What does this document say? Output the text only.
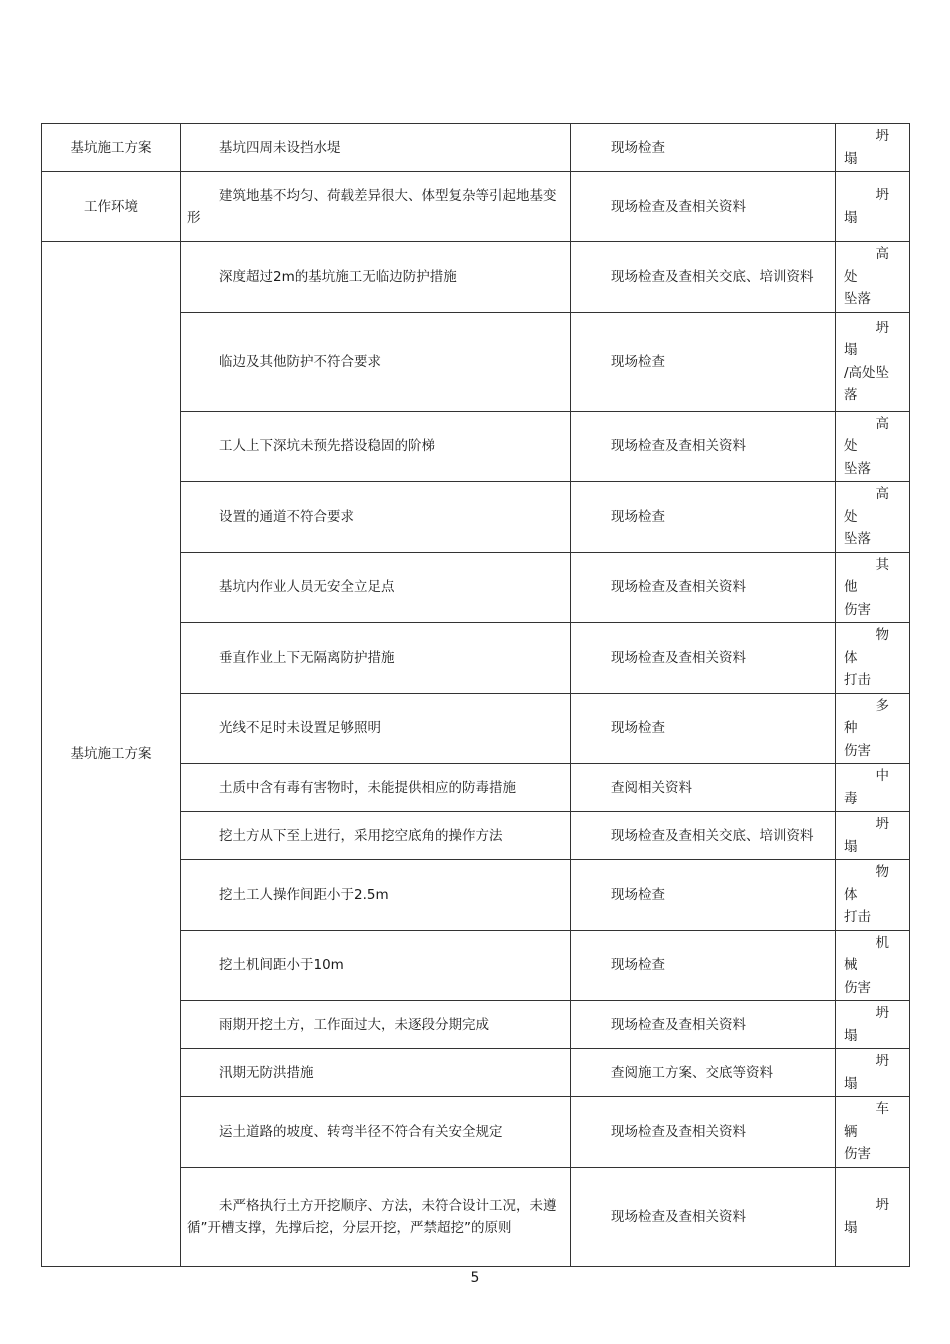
基坑施工方案	基坑四周未设挡水堤	现场检查	坍
塌

工作环境	建筑地基不均匀、荷载差异很大、体型复杂等引起地基变形	现场检查及查相关资料	坍
塌

基坑施工方案	深度超过2m的基坑施工无临边防护措施	现场检查及查相关交底、培训资料	高
处
坠落

	临边及其他防护不符合要求	现场检查	坍
塌
/高处坠
落

	工人上下深坑未预先搭设稳固的阶梯	现场检查及查相关资料	高
处
坠落

	设置的通道不符合要求	现场检查	高
处
坠落

	基坑内作业人员无安全立足点	现场检查及查相关资料	其
他
伤害

	垂直作业上下无隔离防护措施	现场检查及查相关资料	物
体
打击

	光线不足时未设置足够照明	现场检查	多
种
伤害

	土质中含有毒有害物时，未能提供相应的防毒措施	查阅相关资料	中
毒

	挖土方从下至上进行，采用挖空底角的操作方法	现场检查及查相关交底、培训资料	坍
塌

	挖土工人操作间距小于2.5m	现场检查	物
体
打击

	挖土机间距小于10m	现场检查	机
械
伤害

	雨期开挖土方，工作面过大，未逐段分期完成	现场检查及查相关资料	坍
塌

	汛期无防洪措施	查阅施工方案、交底等资料	坍
塌

	运土道路的坡度、转弯半径不符合有关安全规定	现场检查及查相关资料	车
辆
伤害

	未严格执行土方开挖顺序、方法，未符合设计工况，未遵循”开槽支撑，先撑后挖，分层开挖，严禁超挖”的原则	现场检查及查相关资料	坍
塌
5
